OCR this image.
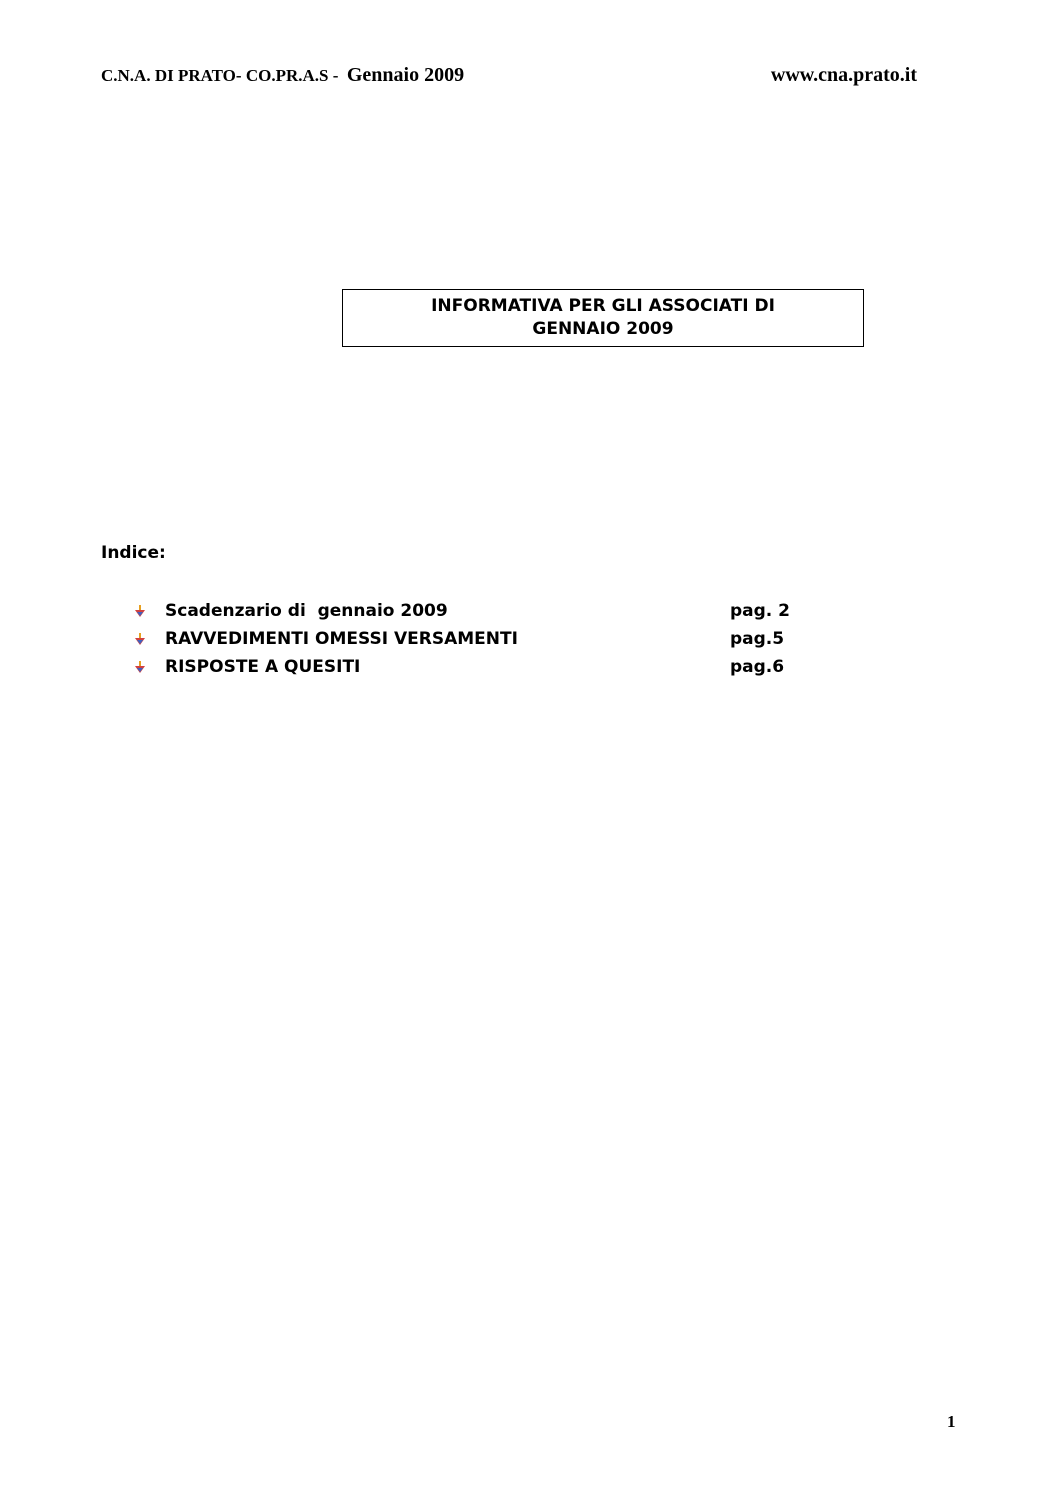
C.N.A. DI PRATO- CO.PR.A.S - Gennaio 2009	www.cna.prato.it
INFORMATIVA PER GLI ASSOCIATI DI
GENNAIO 2009
Indice:
Scadenzario di  gennaio 2009	pag. 2
RAVVEDIMENTI OMESSI VERSAMENTI	pag.5
RISPOSTE A QUESITI	pag.6
1
